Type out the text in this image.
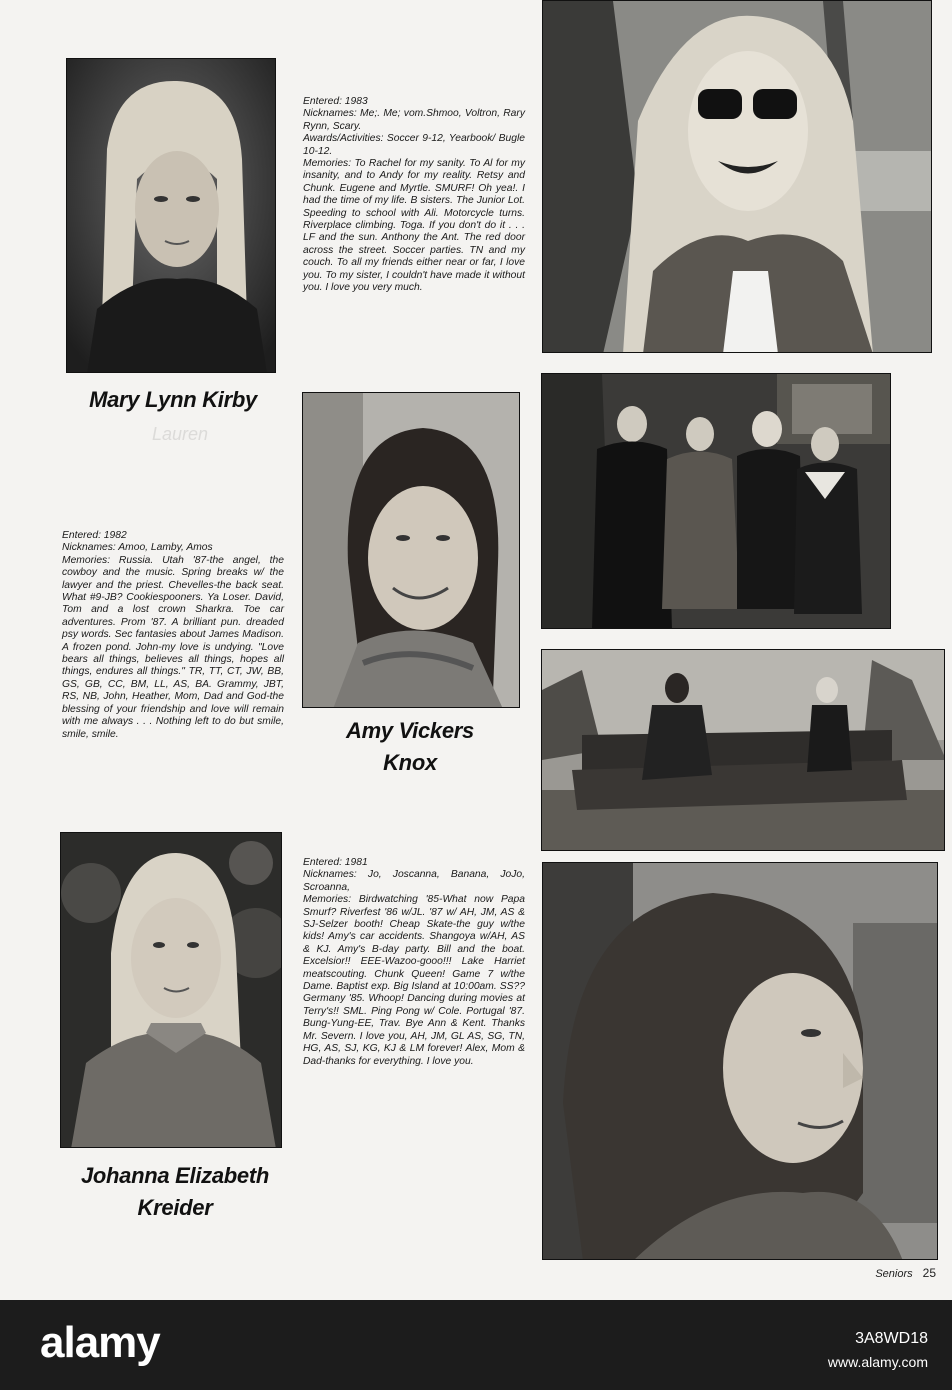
Entered: 1983

Nicknames: Me;. Me; vom.Shmoo, Voltron, Rary Rynn, Scary.

Awards/Activities: Soccer 9-12, Yearbook/ Bugle 10-12.

Memories: To Rachel for my sanity. To Al for my insanity, and to Andy for my reality. Retsy and Chunk. Eugene and Myrtle. SMURF! Oh yea!. I had the time of my life. B sisters. The Junior Lot. Speeding to school with Ali. Motorcycle turns. Riverplace climbing. Toga. If you don't do it . . . LF and the sun. Anthony the Ant. The red door across the street. Soccer parties. TN and my couch. To all my friends either near or far, I love you. To my sister, I couldn't have made it without you. I love you very much.

Mary Lynn Kirby
Lauren

Entered: 1982

Nicknames: Amoo, Lamby, Amos

Memories: Russia. Utah '87-the angel, the cowboy and the music. Spring breaks w/ the lawyer and the priest. Chevelles-the back seat. What #9-JB? Cookiespooners. Ya Loser. David, Tom and a lost crown Sharkra. Toe car adventures. Prom '87. A brilliant pun. dreaded psy words. Sec fantasies about James Madison. A frozen pond. John-my love is undying. "Love bears all things, believes all things, hopes all things, endures all things." TR, TT, CT, JW, BB, GS, GB, CC, BM, LL, AS, BA. Grammy, JBT, RS, NB, John, Heather, Mom, Dad and God-the blessing of your friendship and love will remain with me always . . . Nothing left to do but smile, smile, smile.	Amy Vickers
Knox
Johanna Elizabeth
Kreider

Entered: 1981

Nicknames: Jo, Joscanna, Banana, JoJo, Scroanna,

Memories: Birdwatching '85-What now Papa Smurf? Riverfest '86 w/JL. '87 w/ AH, JM, AS & SJ-Selzer booth! Cheap Skate-the guy w/the kids! Amy's car accidents. Shangoya w/AH, AS & KJ. Amy's B-day party. Bill and the boat. Excelsior!! EEE-Wazoo-gooo!!! Lake Harriet meatscouting. Chunk Queen! Game 7 w/the Dame. Baptist exp. Big Island at 10:00am. SS?? Germany '85. Whoop! Dancing during movies at Terry's!! SML. Ping Pong w/ Cole. Portugal '87. Bung-Yung-EE, Trav. Bye Ann & Kent. Thanks Mr. Severn. I love you, AH, JM, GL AS, SG, TN, HG, AS, SJ, KG, KJ & LM forever! Alex, Mom & Dad-thanks for everything. I love you.

Seniors 25
alamy	3A8WD18
www.alamy.com
